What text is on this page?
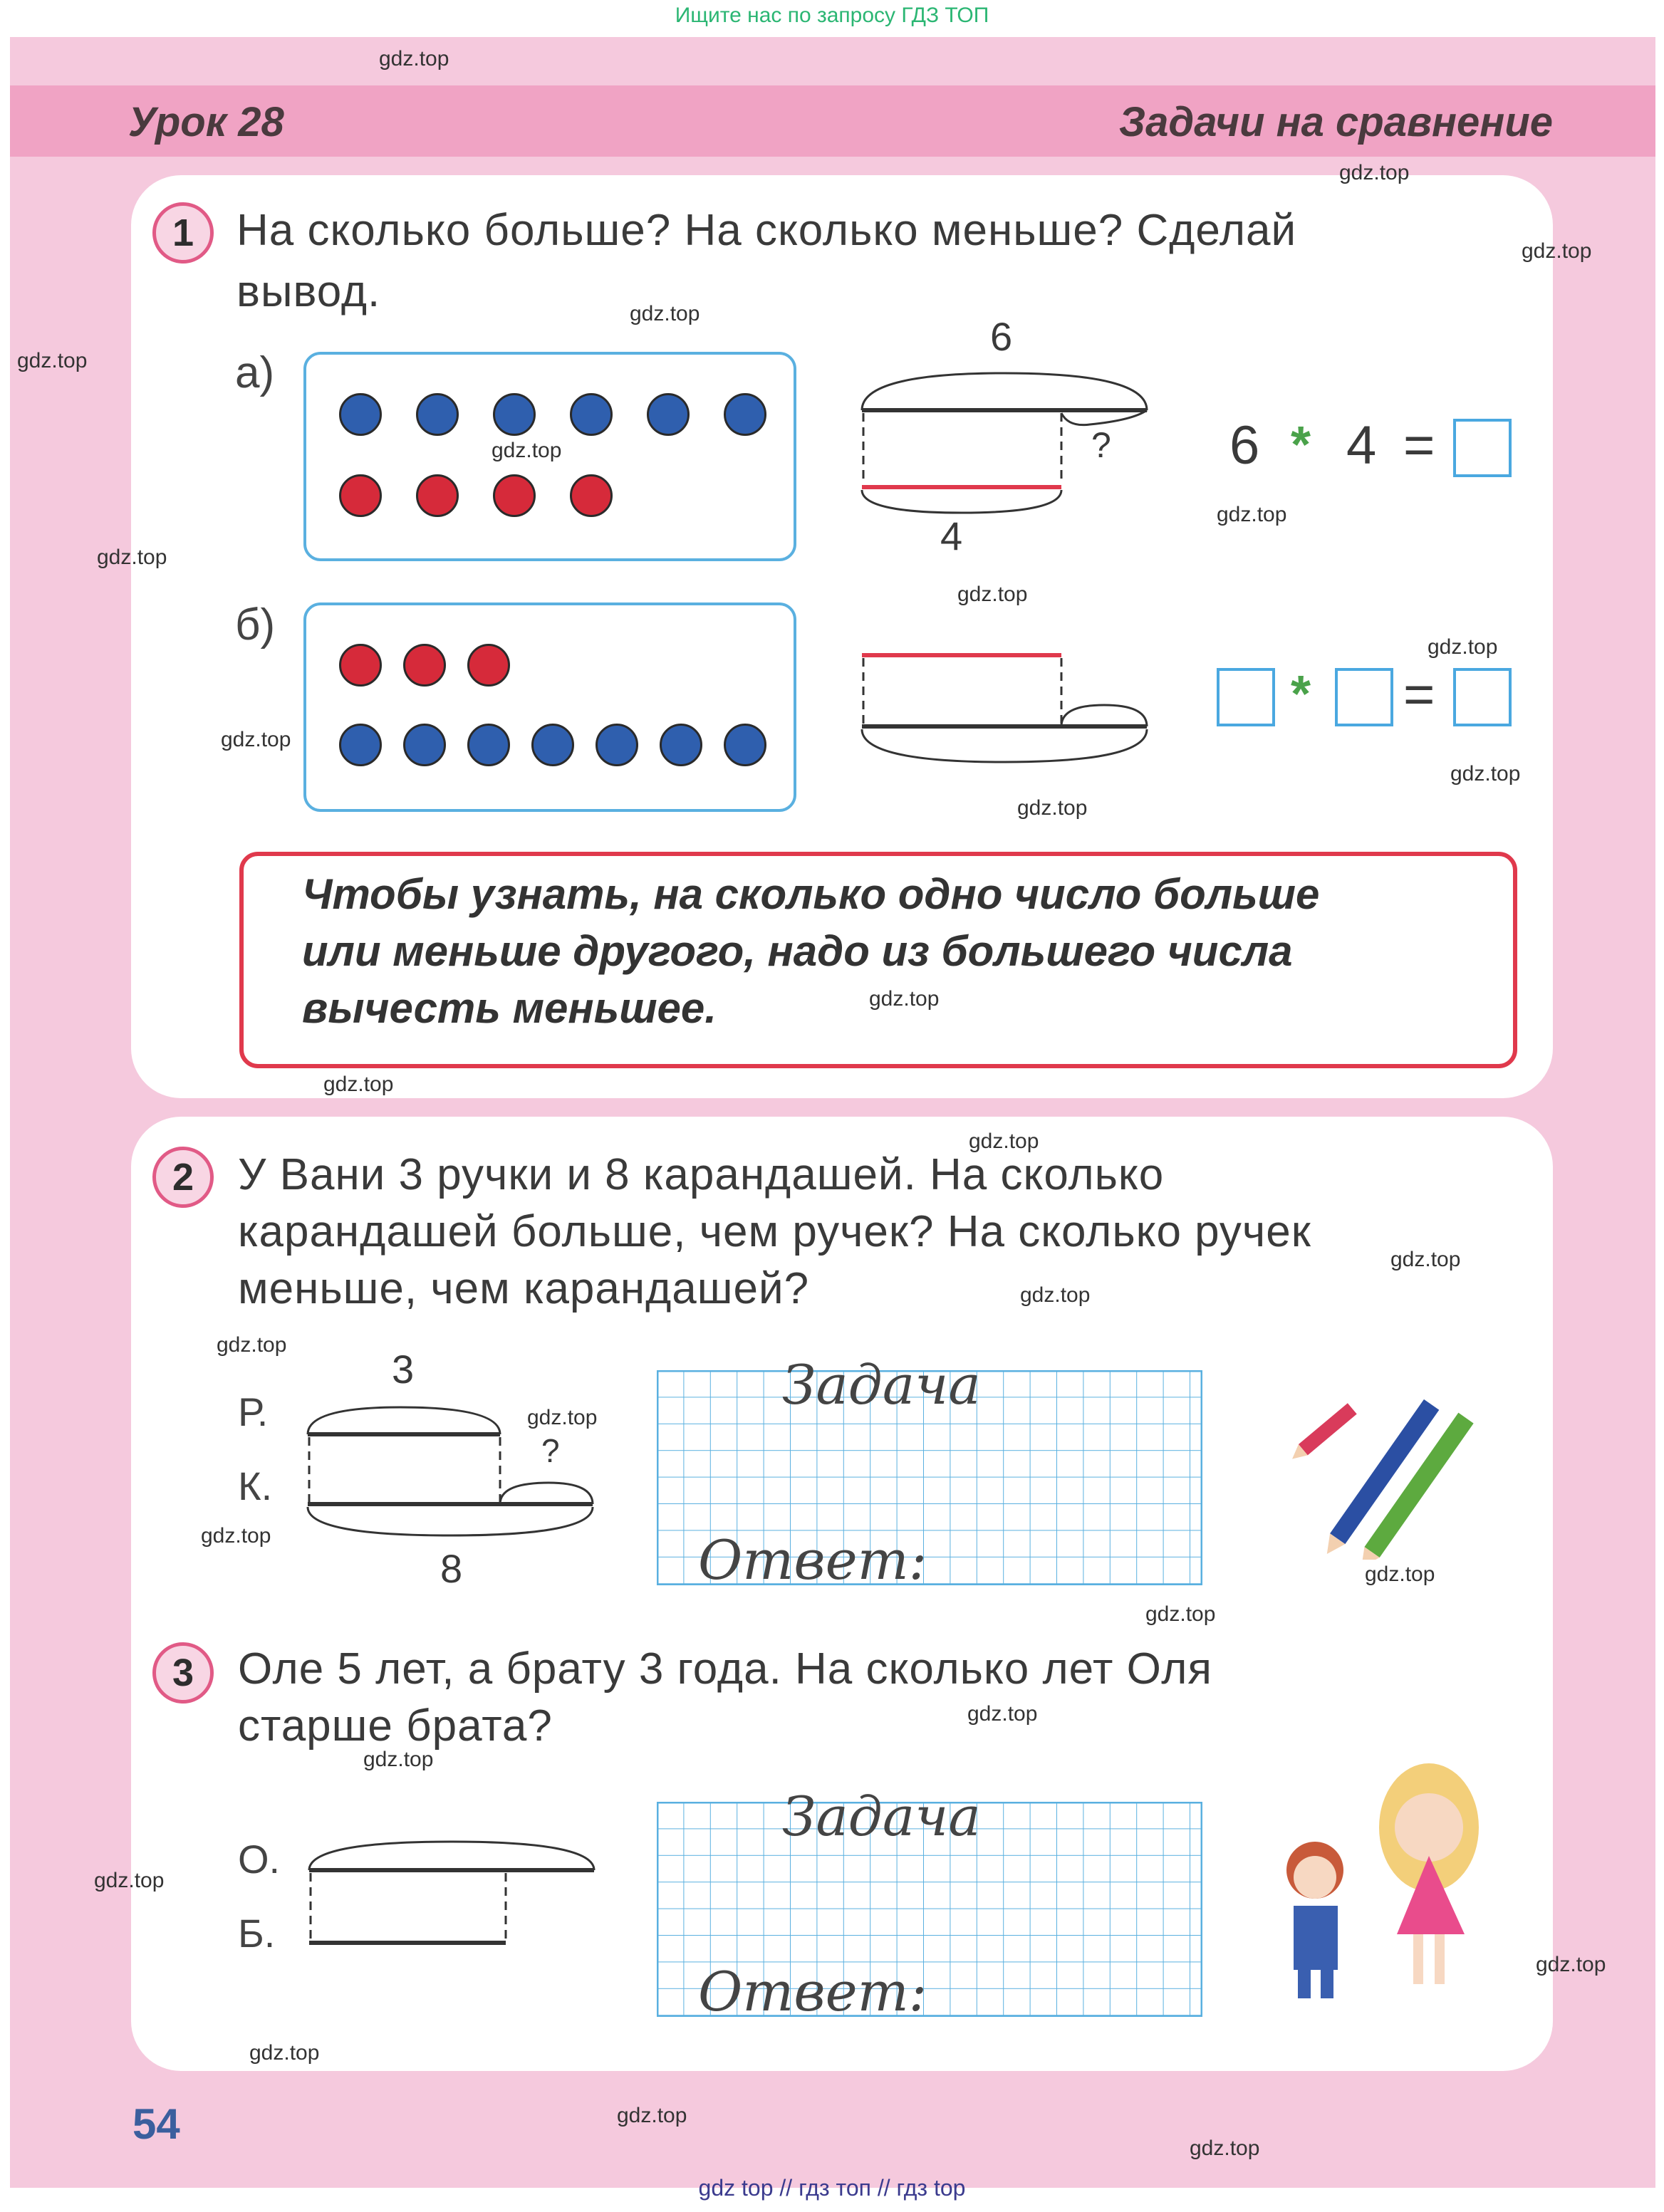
Ищите нас по запросу ГДЗ ТОП
Урок 28	Задачи на сравнение
1 На сколько больше? На сколько меньше? Сделай
вывод.
а)
6
4
? 6 * 4 =
б)
* =
Чтобы узнать, на сколько одно число больше
или меньше другого, надо из большего числа
вычесть меньшее.
2 У Вани 3 ручки и 8 карандашей. На сколько
карандашей больше, чем ручек? На сколько ручек
меньше, чем карандашей?
Р.
К.
3
8
?
Задача
Ответ:
3 Оле 5 лет, а брату 3 года. На сколько лет Оля
старше брата?
О.
Б.
Задача
Ответ:
gdz.top
gdz.top
gdz.top
gdz.top
gdz.top
gdz.top
gdz.top
gdz.top
gdz.top
gdz.top
gdz.top
gdz.top
gdz.top
gdz.top
gdz.top
gdz.top
gdz.top
gdz.top
gdz.top
gdz.top
gdz.top
gdz.top
gdz.top
gdz.top
gdz.top
gdz.top
gdz.top
gdz.top
gdz.top
gdz.top
54
gdz top // гдз топ // гдз top
